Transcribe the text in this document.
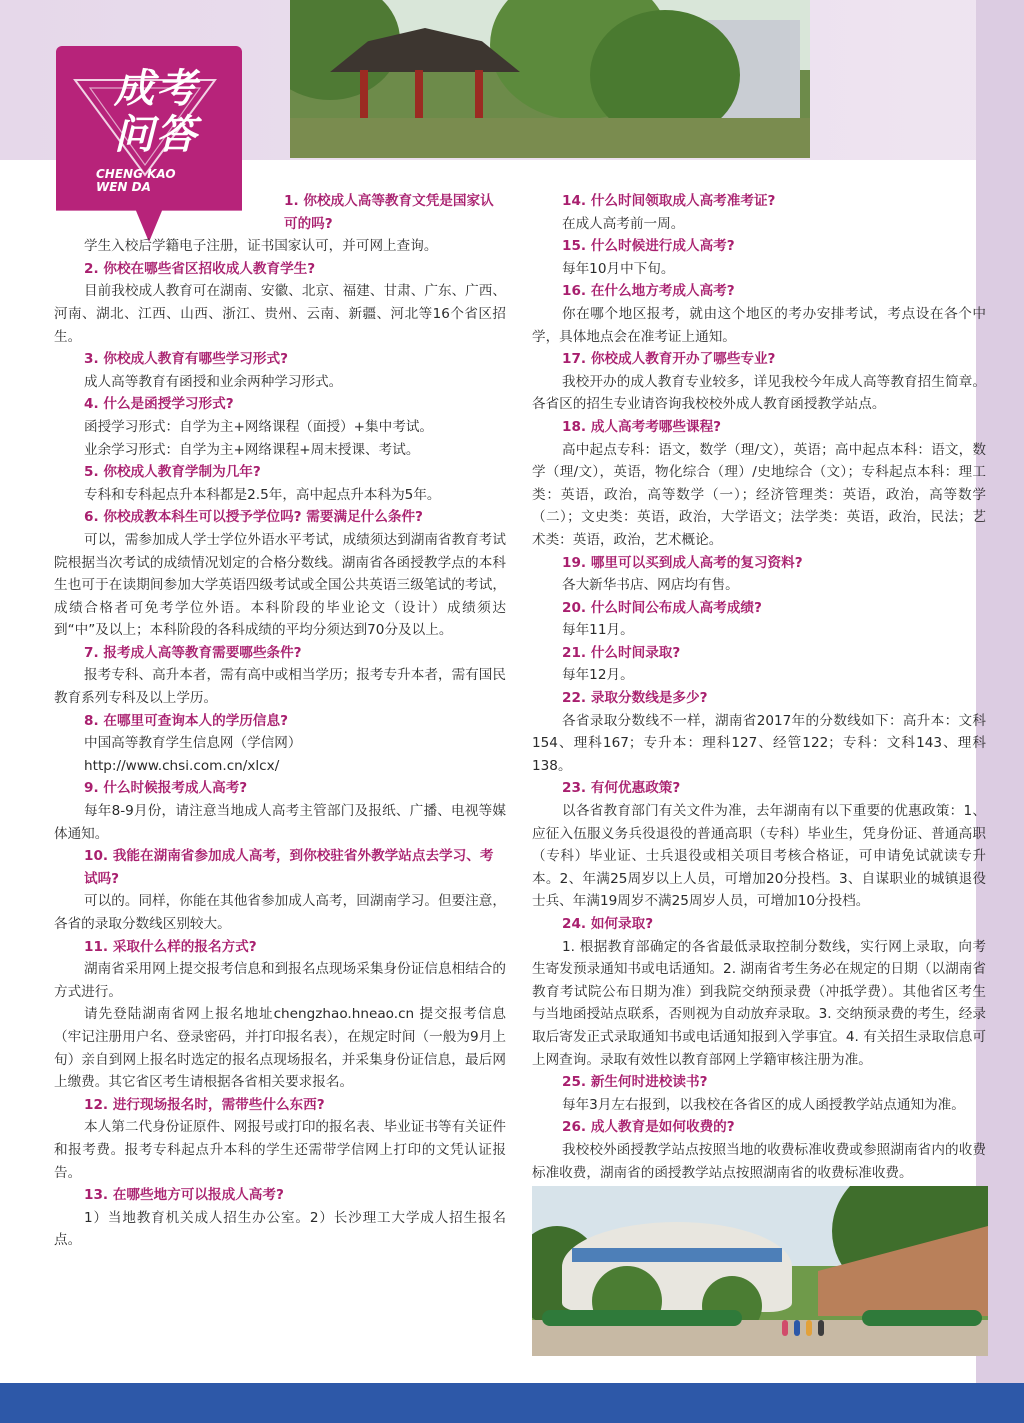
成考
问答
CHENG KAO
WEN DA

1. 你校成人高等教育文凭是国家认可的吗?

学生入校后学籍电子注册，证书国家认可，并可网上查询。

2. 你校在哪些省区招收成人教育学生?

目前我校成人教育可在湖南、安徽、北京、福建、甘肃、广东、广西、河南、湖北、江西、山西、浙江、贵州、云南、新疆、河北等16个省区招生。

3. 你校成人教育有哪些学习形式?

成人高等教育有函授和业余两种学习形式。

4. 什么是函授学习形式?

函授学习形式：自学为主+网络课程（面授）+集中考试。

业余学习形式：自学为主+网络课程+周末授课、考试。

5. 你校成人教育学制为几年?

专科和专科起点升本科都是2.5年，高中起点升本科为5年。

6. 你校成教本科生可以授予学位吗? 需要满足什么条件?

可以，需参加成人学士学位外语水平考试，成绩须达到湖南省教育考试院根据当次考试的成绩情况划定的合格分数线。湖南省各函授教学点的本科生也可于在读期间参加大学英语四级考试或全国公共英语三级笔试的考试，成绩合格者可免考学位外语。本科阶段的毕业论文（设计）成绩须达到“中”及以上；本科阶段的各科成绩的平均分须达到70分及以上。

7. 报考成人高等教育需要哪些条件?

报考专科、高升本者，需有高中或相当学历；报考专升本者，需有国民教育系列专科及以上学历。

8. 在哪里可查询本人的学历信息?

中国高等教育学生信息网（学信网）

http://www.chsi.com.cn/xlcx/

9. 什么时候报考成人高考?

每年8-9月份，请注意当地成人高考主管部门及报纸、广播、电视等媒体通知。

10. 我能在湖南省参加成人高考，到你校驻省外教学站点去学习、考试吗?

可以的。同样，你能在其他省参加成人高考，回湖南学习。但要注意，各省的录取分数线区别较大。

11. 采取什么样的报名方式?

湖南省采用网上提交报考信息和到报名点现场采集身份证信息相结合的方式进行。

请先登陆湖南省网上报名地址chengzhao.hneao.cn 提交报考信息（牢记注册用户名、登录密码，并打印报名表），在规定时间（一般为9月上旬）亲自到网上报名时选定的报名点现场报名，并采集身份证信息，最后网上缴费。其它省区考生请根据各省相关要求报名。

12. 进行现场报名时，需带些什么东西?

本人第二代身份证原件、网报号或打印的报名表、毕业证书等有关证件和报考费。报考专科起点升本科的学生还需带学信网上打印的文凭认证报告。

13. 在哪些地方可以报成人高考?

1）当地教育机关成人招生办公室。2）长沙理工大学成人招生报名点。

14. 什么时间领取成人高考准考证?

在成人高考前一周。

15. 什么时候进行成人高考?

每年10月中下旬。

16. 在什么地方考成人高考?

你在哪个地区报考，就由这个地区的考办安排考试，考点设在各个中学，具体地点会在准考证上通知。

17. 你校成人教育开办了哪些专业?

我校开办的成人教育专业较多，详见我校今年成人高等教育招生简章。各省区的招生专业请咨询我校校外成人教育函授教学站点。

18. 成人高考考哪些课程?

高中起点专科：语文，数学（理/文），英语；高中起点本科：语文，数学（理/文），英语，物化综合（理）/史地综合（文）；专科起点本科：理工类：英语，政治，高等数学（一）；经济管理类：英语，政治，高等数学（二）；文史类：英语，政治，大学语文；法学类：英语，政治，民法；艺术类：英语，政治，艺术概论。

19. 哪里可以买到成人高考的复习资料?

各大新华书店、网店均有售。

20. 什么时间公布成人高考成绩?

每年11月。

21. 什么时间录取?

每年12月。

22. 录取分数线是多少?

各省录取分数线不一样，湖南省2017年的分数线如下：高升本：文科154、理科167；专升本：理科127、经管122；专科：文科143、理科138。

23. 有何优惠政策?

以各省教育部门有关文件为准，去年湖南有以下重要的优惠政策：1、应征入伍服义务兵役退役的普通高职（专科）毕业生，凭身份证、普通高职（专科）毕业证、士兵退役或相关项目考核合格证，可申请免试就读专升本。2、年满25周岁以上人员，可增加20分投档。3、自谋职业的城镇退役士兵、年满19周岁不满25周岁人员，可增加10分投档。

24. 如何录取?

1. 根据教育部确定的各省最低录取控制分数线，实行网上录取，向考生寄发预录通知书或电话通知。2. 湖南省考生务必在规定的日期（以湖南省教育考试院公布日期为准）到我院交纳预录费（冲抵学费）。其他省区考生与当地函授站点联系，否则视为自动放弃录取。3. 交纳预录费的考生，经录取后寄发正式录取通知书或电话通知报到入学事宜。4. 有关招生录取信息可上网查询。录取有效性以教育部网上学籍审核注册为准。

25. 新生何时进校读书?

每年3月左右报到，以我校在各省区的成人函授教学站点通知为准。

26. 成人教育是如何收费的?

我校校外函授教学站点按照当地的收费标准收费或参照湖南省内的收费标准收费，湖南省的函授教学站点按照湖南省的收费标准收费。
